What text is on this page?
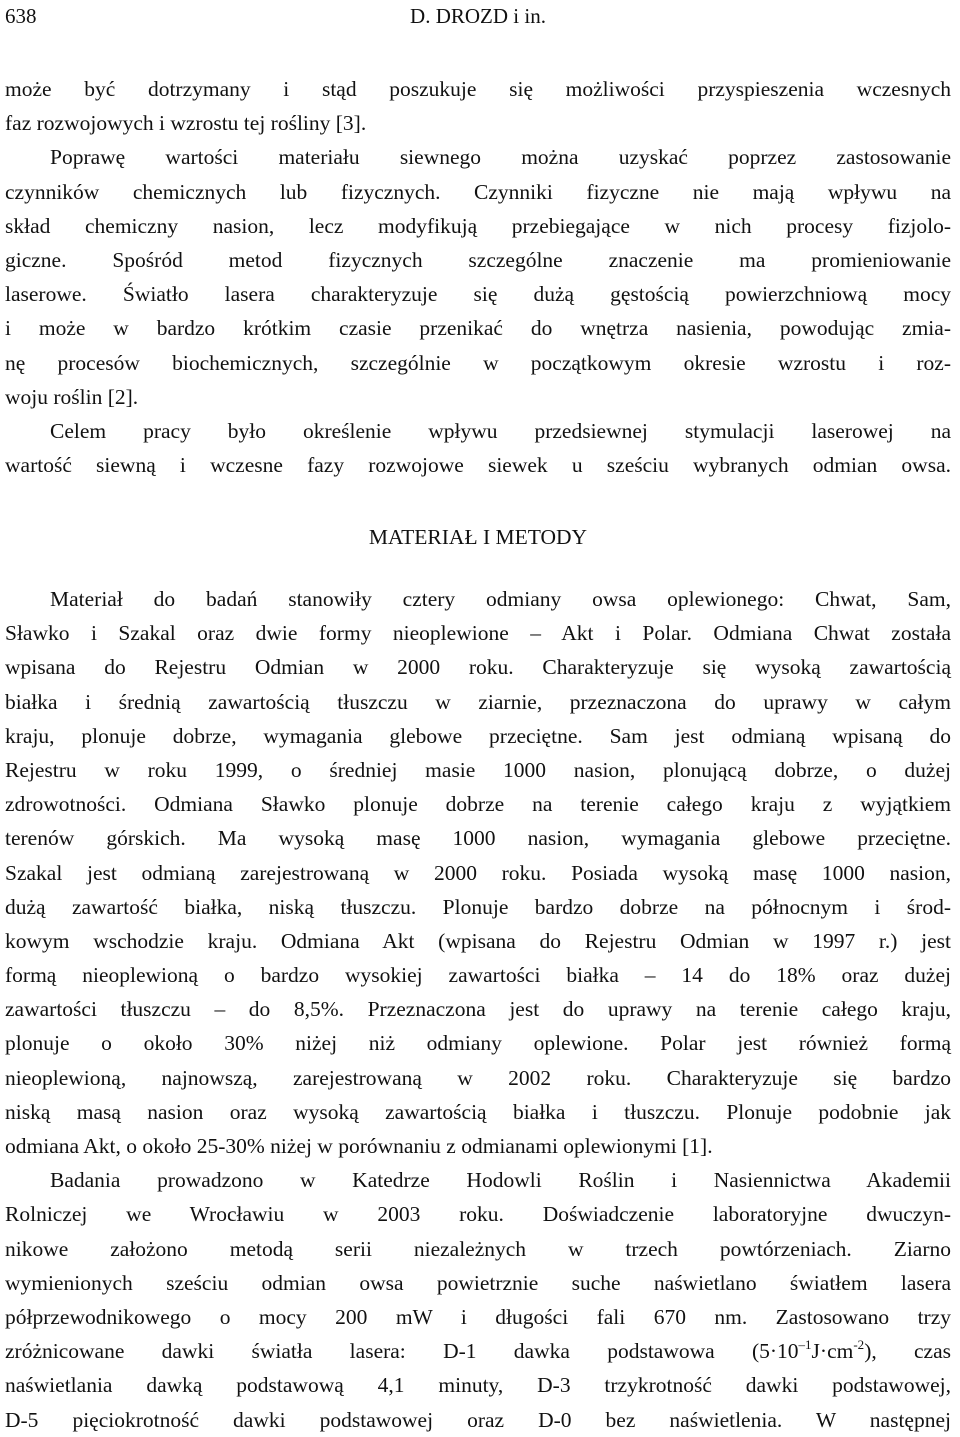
638	D. DROZD i in.
może być dotrzymany i stąd poszukuje się możliwości przyspieszenia wczesnych
faz rozwojowych i wzrostu tej rośliny [3].
Poprawę wartości materiału siewnego można uzyskać poprzez zastosowanie
czynników chemicznych lub fizycznych. Czynniki fizyczne nie mają wpływu na
skład chemiczny nasion, lecz modyfikują przebiegające w nich procesy fizjolo-
giczne. Spośród metod fizycznych szczególne znaczenie ma promieniowanie
laserowe. Światło lasera charakteryzuje się dużą gęstością powierzchniową mocy
i może w bardzo krótkim czasie przenikać do wnętrza nasienia, powodując zmia-
nę procesów biochemicznych, szczególnie w początkowym okresie wzrostu i roz-
woju roślin [2].
Celem pracy było określenie wpływu przedsiewnej stymulacji laserowej na
wartość siewną i wczesne fazy rozwojowe siewek u sześciu wybranych odmian owsa.
MATERIAŁ I METODY
Materiał do badań stanowiły cztery odmiany owsa oplewionego: Chwat, Sam,
Sławko i Szakal oraz dwie formy nieoplewione – Akt i Polar. Odmiana Chwat została
wpisana do Rejestru Odmian w 2000 roku. Charakteryzuje się wysoką zawartością
białka i średnią zawartością tłuszczu w ziarnie, przeznaczona do uprawy w całym
kraju, plonuje dobrze, wymagania glebowe przeciętne. Sam jest odmianą wpisaną do
Rejestru w roku 1999, o średniej masie 1000 nasion, plonującą dobrze, o dużej
zdrowotności. Odmiana Sławko plonuje dobrze na terenie całego kraju z wyjątkiem
terenów górskich. Ma wysoką masę 1000 nasion, wymagania glebowe przeciętne.
Szakal jest odmianą zarejestrowaną w 2000 roku. Posiada wysoką masę 1000 nasion,
dużą zawartość białka, niską tłuszczu. Plonuje bardzo dobrze na północnym i środ-
kowym wschodzie kraju. Odmiana Akt (wpisana do Rejestru Odmian w 1997 r.) jest
formą nieoplewioną o bardzo wysokiej zawartości białka – 14 do 18% oraz dużej
zawartości tłuszczu – do 8,5%. Przeznaczona jest do uprawy na terenie całego kraju,
plonuje o około 30% niżej niż odmiany oplewione. Polar jest również formą
nieoplewioną, najnowszą, zarejestrowaną w 2002 roku. Charakteryzuje się bardzo
niską masą nasion oraz wysoką zawartością białka i tłuszczu. Plonuje podobnie jak
odmiana Akt, o około 25-30% niżej w porównaniu z odmianami oplewionymi [1].
Badania prowadzono w Katedrze Hodowli Roślin i Nasiennictwa Akademii
Rolniczej we Wrocławiu w 2003 roku. Doświadczenie laboratoryjne dwuczyn-
nikowe założono metodą serii niezależnych w trzech powtórzeniach. Ziarno
wymienionych sześciu odmian owsa powietrznie suche naświetlano światłem lasera
półprzewodnikowego o mocy 200 mW i długości fali 670 nm. Zastosowano trzy
zróżnicowane dawki światła lasera: D-1 dawka podstawowa $(5\cdot 10^{-1}J\cdot cm^{-2})$, czas
naświetlania dawką podstawową 4,1 minuty, D-3 trzykrotność dawki podstawowej,
D-5 pięciokrotność dawki podstawowej oraz D-0 bez naświetlenia. W następnej
